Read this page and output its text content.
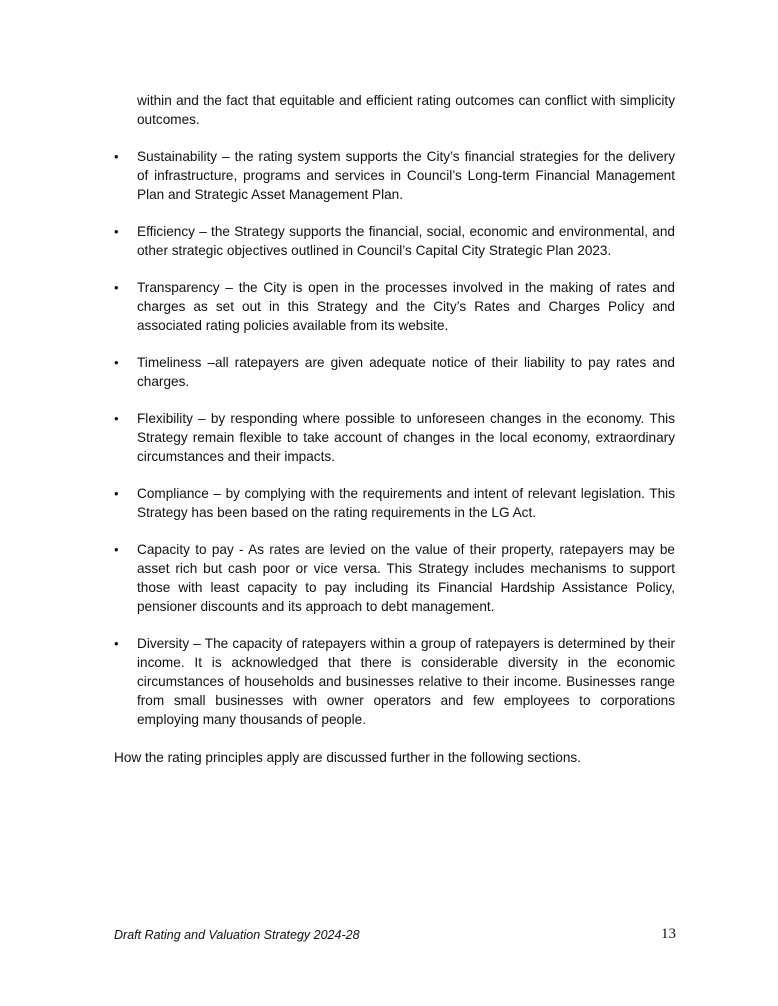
within and the fact that equitable and efficient rating outcomes can conflict with simplicity outcomes.

•	Sustainability – the rating system supports the City’s financial strategies for the delivery of infrastructure, programs and services in Council’s Long-term Financial Management Plan and Strategic Asset Management Plan.
•	Efficiency – the Strategy supports the financial, social, economic and environmental, and other strategic objectives outlined in Council’s Capital City Strategic Plan 2023.
•	Transparency – the City is open in the processes involved in the making of rates and charges as set out in this Strategy and the City’s Rates and Charges Policy and associated rating policies available from its website.
•	Timeliness –all ratepayers are given adequate notice of their liability to pay rates and charges.
•	Flexibility – by responding where possible to unforeseen changes in the economy. This Strategy remain flexible to take account of changes in the local economy, extraordinary circumstances and their impacts.
•	Compliance – by complying with the requirements and intent of relevant legislation. This Strategy has been based on the rating requirements in the LG Act.
•	Capacity to pay - As rates are levied on the value of their property, ratepayers may be asset rich but cash poor or vice versa. This Strategy includes mechanisms to support those with least capacity to pay including its Financial Hardship Assistance Policy, pensioner discounts and its approach to debt management.
•	Diversity – The capacity of ratepayers within a group of ratepayers is determined by their income. It is acknowledged that there is considerable diversity in the economic circumstances of households and businesses relative to their income. Businesses range from small businesses with owner operators and few employees to corporations employing many thousands of people.

How the rating principles apply are discussed further in the following sections.

Draft Rating and Valuation Strategy 2024-28	13
